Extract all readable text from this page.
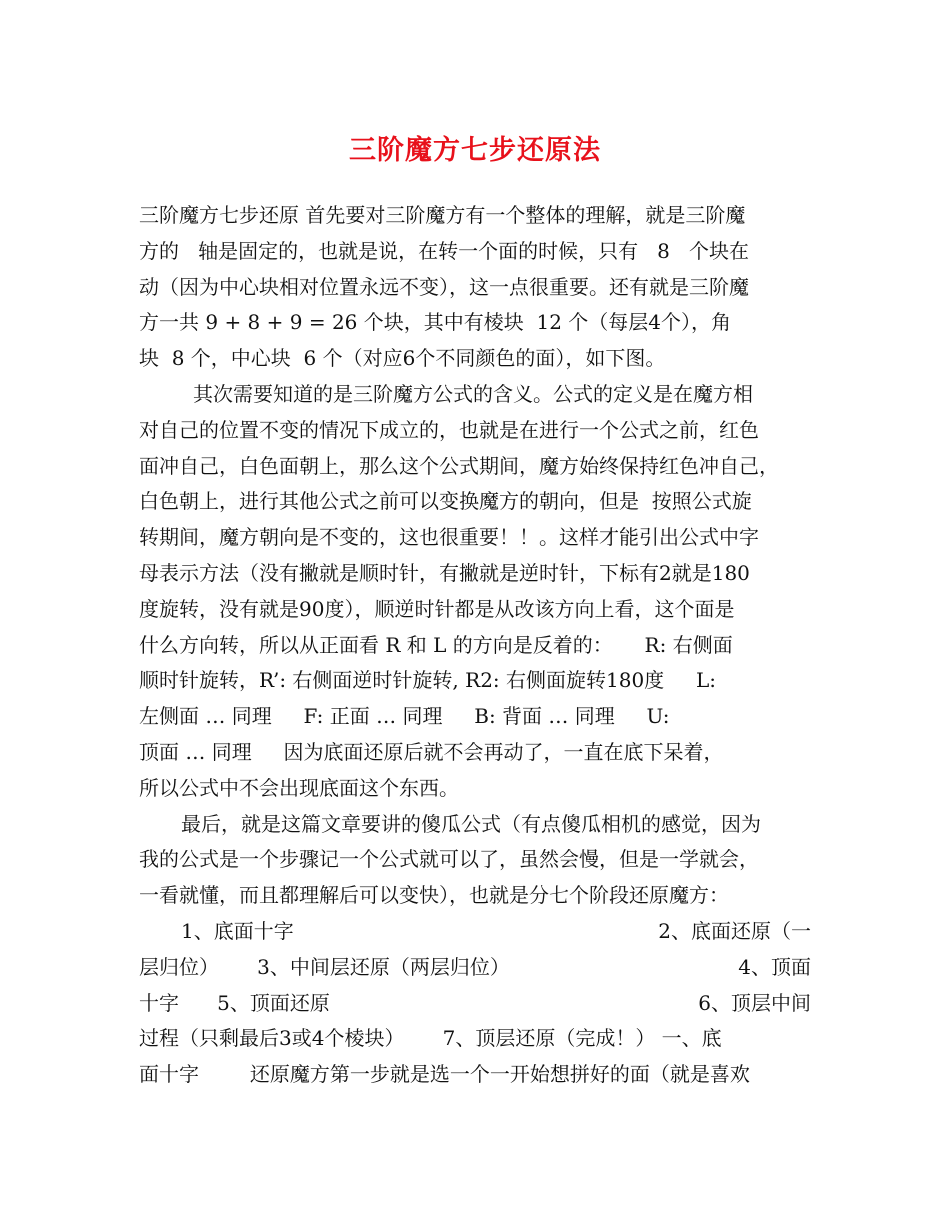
三阶魔方七步还原法
三阶魔方七步还原 首先要对三阶魔方有一个整体的理解，就是三阶魔
方的   轴是固定的，也就是说，在转一个面的时候，只有   8   个块在
动（因为中心块相对位置永远不变），这一点很重要。还有就是三阶魔
方一共 9 + 8 + 9 = 26 个块，其中有棱块  12 个（每层4个），角
块  8 个，中心块  6 个（对应6个不同颜色的面），如下图。
其次需要知道的是三阶魔方公式的含义。公式的定义是在魔方相
对自己的位置不变的情况下成立的，也就是在进行一个公式之前，红色
面冲自己，白色面朝上，那么这个公式期间，魔方始终保持红色冲自己，
白色朝上，进行其他公式之前可以变换魔方的朝向，但是  按照公式旋
转期间，魔方朝向是不变的，这也很重要！！。这样才能引出公式中字
母表示方法（没有撇就是顺时针，有撇就是逆时针，下标有2就是180
度旋转，没有就是90度），顺逆时针都是从改该方向上看，这个面是
什么方向转，所以从正面看 R 和 L 的方向是反着的：     R: 右侧面
顺时针旋转，R’: 右侧面逆时针旋转, R2: 右侧面旋转180度     L:
左侧面 … 同理     F: 正面 … 同理     B: 背面 … 同理     U:
顶面 … 同理     因为底面还原后就不会再动了，一直在底下呆着，
所以公式中不会出现底面这个东西。
最后，就是这篇文章要讲的傻瓜公式（有点傻瓜相机的感觉，因为
我的公式是一个步骤记一个公式就可以了，虽然会慢，但是一学就会，
一看就懂，而且都理解后可以变快），也就是分七个阶段还原魔方：
1、底面十字	2、底面还原（一
层归位）      3、中间层还原（两层归位）	4、顶面
十字      5、顶面还原	6、顶层中间
过程（只剩最后3或4个棱块）      7、顶层还原（完成！） 一、底
面十字        还原魔方第一步就是选一个一开始想拼好的面（就是喜欢
